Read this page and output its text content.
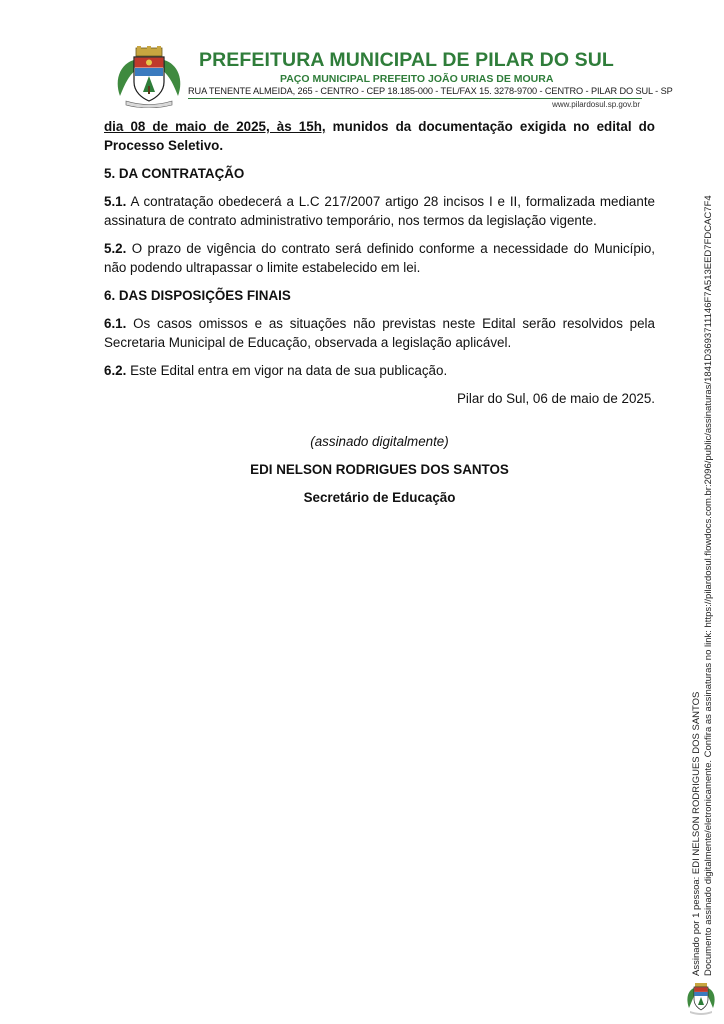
PREFEITURA MUNICIPAL DE PILAR DO SUL
PAÇO MUNICIPAL PREFEITO JOÃO URIAS DE MOURA
RUA TENENTE ALMEIDA, 265 - CENTRO - CEP 18.185-000 - TEL/FAX 15. 3278-9700 - CENTRO - PILAR DO SUL - SP
www.pilardosul.sp.gov.br

dia 08 de maio de 2025, às 15h, munidos da documentação exigida no edital do Processo Seletivo.

5. DA CONTRATAÇÃO

5.1. A contratação obedecerá a L.C 217/2007 artigo 28 incisos I e II, formalizada mediante assinatura de contrato administrativo temporário, nos termos da legislação vigente.

5.2. O prazo de vigência do contrato será definido conforme a necessidade do Município, não podendo ultrapassar o limite estabelecido em lei.

6. DAS DISPOSIÇÕES FINAIS

6.1. Os casos omissos e as situações não previstas neste Edital serão resolvidos pela Secretaria Municipal de Educação, observada a legislação aplicável.

6.2. Este Edital entra em vigor na data de sua publicação.

Pilar do Sul, 06 de maio de 2025.

(assinado digitalmente)

EDI NELSON RODRIGUES DOS SANTOS

Secretário de Educação

Assinado por 1 pessoa: EDI NELSON RODRIGUES DOS SANTOS Documento assinado digitalmente/eletronicamente. Confira as assinaturas no link: https://pilardosul.flowdocs.com.br:2096/public/assinaturas/1841D3693711146F7A513EED7FDCAC7F4
